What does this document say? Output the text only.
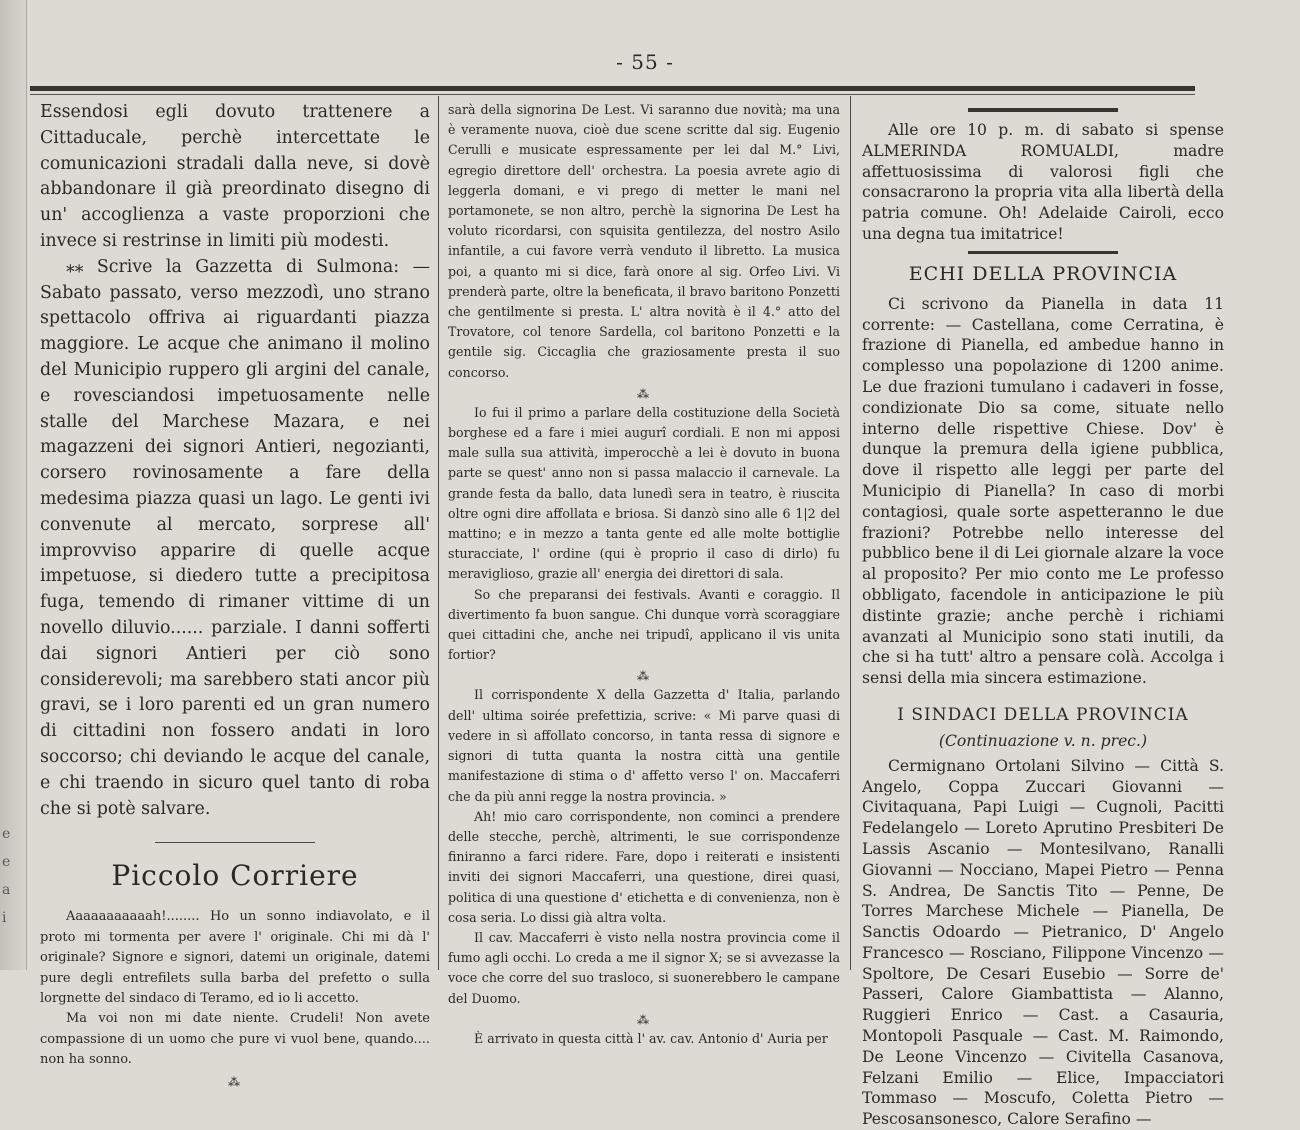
e
e
a
i
- 55 -

Essendosi egli dovuto trattenere a Cittaducale, perchè intercettate le comunicazioni stradali dalla neve, si dovè abbandonare il già preordinato disegno di un' accoglienza a vaste proporzioni che invece si restrinse in limiti più modesti.

⁎⁎ Scrive la Gazzetta di Sulmona: — Sabato passato, verso mezzodì, uno strano spettacolo offriva ai riguardanti piazza maggiore. Le acque che animano il molino del Municipio ruppero gli argini del canale, e rovesciandosi impetuosamente nelle stalle del Marchese Mazara, e nei magazzeni dei signori Antieri, negozianti, corsero rovinosamente a fare della medesima piazza quasi un lago. Le genti ivi convenute al mercato, sorprese all' improvviso apparire di quelle acque impetuose, si diedero tutte a precipitosa fuga, temendo di rimaner vittime di un novello diluvio...... parziale. I danni sofferti dai signori Antieri per ciò sono considerevoli; ma sarebbero stati ancor più gravi, se i loro parenti ed un gran numero di cittadini non fossero andati in loro soccorso; chi deviando le acque del canale, e chi traendo in sicuro quel tanto di roba che si potè salvare.

Piccolo Corriere

Aaaaaaaaaaah!........ Ho un sonno indiavolato, e il proto mi tormenta per avere l' originale. Chi mi dà l' originale? Signore e signori, datemi un originale, datemi pure degli entrefilets sulla barba del prefetto o sulla lorgnette del sindaco di Teramo, ed io li accetto.

Ma voi non mi date niente. Crudeli! Non avete compassione di un uomo che pure vi vuol bene, quando.... non ha sonno.

⁂

sarà della signorina De Lest. Vi saranno due novità; ma una è veramente nuova, cioè due scene scritte dal sig. Eugenio Cerulli e musicate espressamente per lei dal M.° Livi, egregio direttore dell' orchestra. La poesia avrete agio di leggerla domani, e vi prego di metter le mani nel portamonete, se non altro, perchè la signorina De Lest ha voluto ricordarsi, con squisita gentilezza, del nostro Asilo infantile, a cui favore verrà venduto il libretto. La musica poi, a quanto mi si dice, farà onore al sig. Orfeo Livi. Vi prenderà parte, oltre la beneficata, il bravo baritono Ponzetti che gentilmente si presta. L' altra novità è il 4.° atto del Trovatore, col tenore Sardella, col baritono Ponzetti e la gentile sig. Ciccaglia che graziosamente presta il suo concorso.

⁂

Io fui il primo a parlare della costituzione della Società borghese ed a fare i miei augurî cordiali. E non mi apposi male sulla sua attività, imperocchè a lei è dovuto in buona parte se quest' anno non si passa malaccio il carnevale. La grande festa da ballo, data lunedì sera in teatro, è riuscita oltre ogni dire affollata e briosa. Si danzò sino alle 6 1|2 del mattino; e in mezzo a tanta gente ed alle molte bottiglie sturacciate, l' ordine (qui è proprio il caso di dirlo) fu meraviglioso, grazie all' energia dei direttori di sala.

So che preparansi dei festivals. Avanti e coraggio. Il divertimento fa buon sangue. Chi dunque vorrà scoraggiare quei cittadini che, anche nei tripudî, applicano il vis unita fortior?

⁂

Il corrispondente X della Gazzetta d' Italia, parlando dell' ultima soirée prefettizia, scrive: « Mi parve quasi di vedere in sì affollato concorso, in tanta ressa di signore e signori di tutta quanta la nostra città una gentile manifestazione di stima o d' affetto verso l' on. Maccaferri che da più anni regge la nostra provincia. »

Ah! mio caro corrispondente, non cominci a prendere delle stecche, perchè, altrimenti, le sue corrispondenze finiranno a farci ridere. Fare, dopo i reiterati e insistenti inviti dei signori Maccaferri, una questione, direi quasi, politica di una questione d' etichetta e di convenienza, non è cosa seria. Lo dissi già altra volta.

Il cav. Maccaferri è visto nella nostra provincia come il fumo agli occhi. Lo creda a me il signor X; se si avvezasse la voce che corre del suo trasloco, si suonerebbero le campane del Duomo.

⁂

È arrivato in questa città l' av. cav. Antonio d' Auria per

Alle ore 10 p. m. di sabato si spense ALMERINDA ROMUALDI, madre affettuosissima di valorosi figli che consacrarono la propria vita alla libertà della patria comune. Oh! Adelaide Cairoli, ecco una degna tua imitatrice!

ECHI DELLA PROVINCIA

Ci scrivono da Pianella in data 11 corrente: — Castellana, come Cerratina, è frazione di Pianella, ed ambedue hanno in complesso una popolazione di 1200 anime. Le due frazioni tumulano i cadaveri in fosse, condizionate Dio sa come, situate nello interno delle rispettive Chiese. Dov' è dunque la premura della igiene pubblica, dove il rispetto alle leggi per parte del Municipio di Pianella? In caso di morbi contagiosi, quale sorte aspetteranno le due frazioni? Potrebbe nello interesse del pubblico bene il di Lei giornale alzare la voce al proposito? Per mio conto me Le professo obbligato, facendole in anticipazione le più distinte grazie; anche perchè i richiami avanzati al Municipio sono stati inutili, da che si ha tutt' altro a pensare colà. Accolga i sensi della mia sincera estimazione.

I SINDACI DELLA PROVINCIA
(Continuazione v. n. prec.)

Cermignano Ortolani Silvino — Città S. Angelo, Coppa Zuccari Giovanni — Civitaquana, Papi Luigi — Cugnoli, Pacitti Fedelangelo — Loreto Aprutino Presbiteri De Lassis Ascanio — Montesilvano, Ranalli Giovanni — Nocciano, Mapei Pietro — Penna S. Andrea, De Sanctis Tito — Penne, De Torres Marchese Michele — Pianella, De Sanctis Odoardo — Pietranico, D' Angelo Francesco — Rosciano, Filippone Vincenzo — Spoltore, De Cesari Eusebio — Sorre de' Passeri, Calore Giambattista — Alanno, Ruggieri Enrico — Cast. a Casauria, Montopoli Pasquale — Cast. M. Raimondo, De Leone Vincenzo — Civitella Casanova, Felzani Emilio — Elice, Impacciatori Tommaso — Moscufo, Coletta Pietro — Pescosansonesco, Calore Serafino —
